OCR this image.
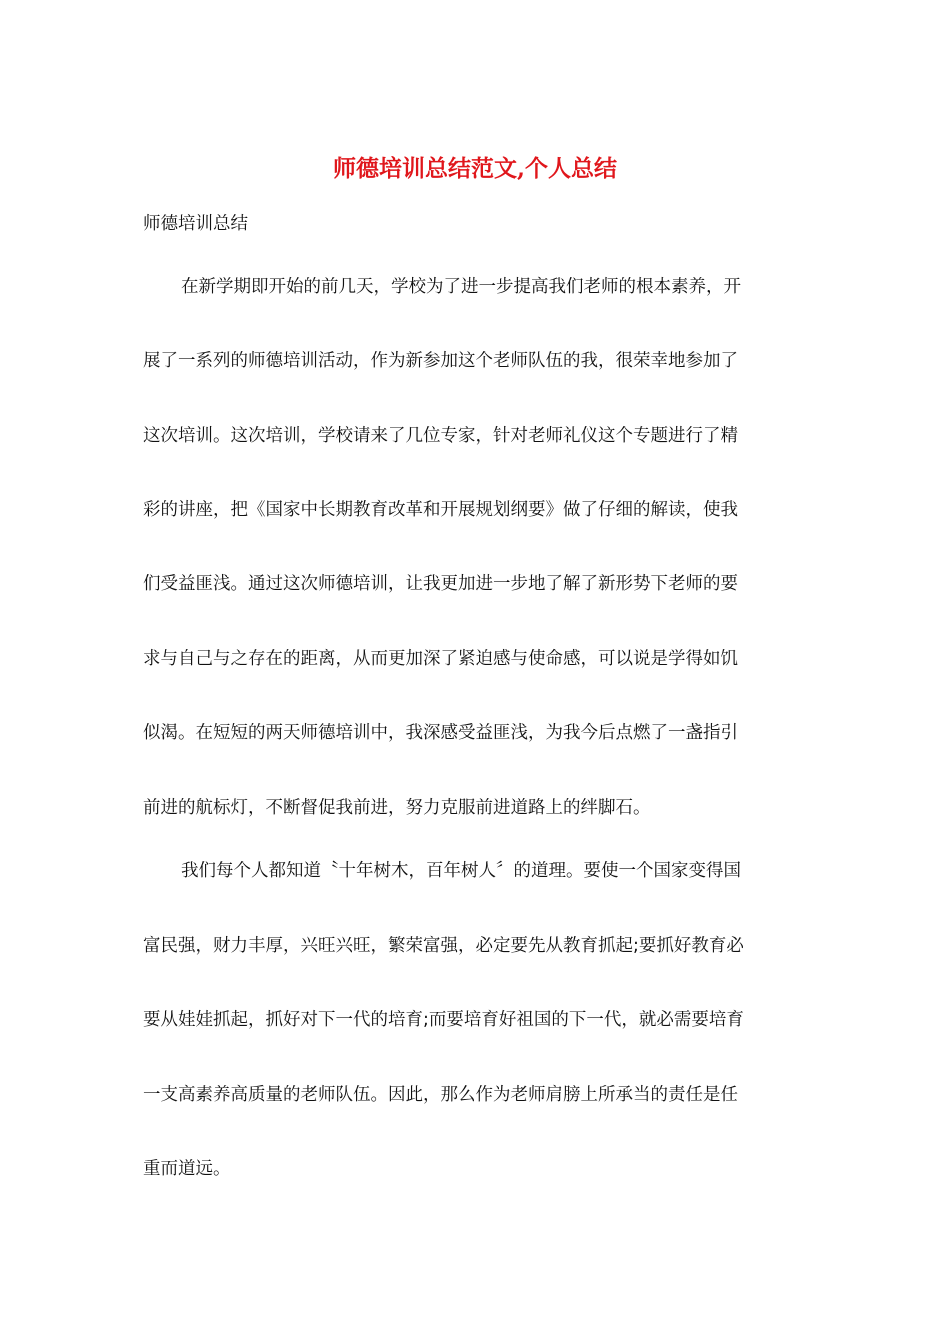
师德培训总结范文,个人总结

师德培训总结

在新学期即开始的前几天，学校为了进一步提高我们老师的根本素养，开

展了一系列的师德培训活动，作为新参加这个老师队伍的我，很荣幸地参加了

这次培训。这次培训，学校请来了几位专家，针对老师礼仪这个专题进行了精

彩的讲座，把《国家中长期教育改革和开展规划纲要》做了仔细的解读，使我

们受益匪浅。通过这次师德培训，让我更加进一步地了解了新形势下老师的要

求与自己与之存在的距离，从而更加深了紧迫感与使命感，可以说是学得如饥

似渴。在短短的两天师德培训中，我深感受益匪浅，为我今后点燃了一盏指引

前进的航标灯，不断督促我前进，努力克服前进道路上的绊脚石。

我们每个人都知道〝十年树木，百年树人〞的道理。要使一个国家变得国

富民强，财力丰厚，兴旺兴旺，繁荣富强，必定要先从教育抓起;要抓好教育必

要从娃娃抓起，抓好对下一代的培育;而要培育好祖国的下一代，就必需要培育

一支高素养高质量的老师队伍。因此，那么作为老师肩膀上所承当的责任是任

重而道远。
